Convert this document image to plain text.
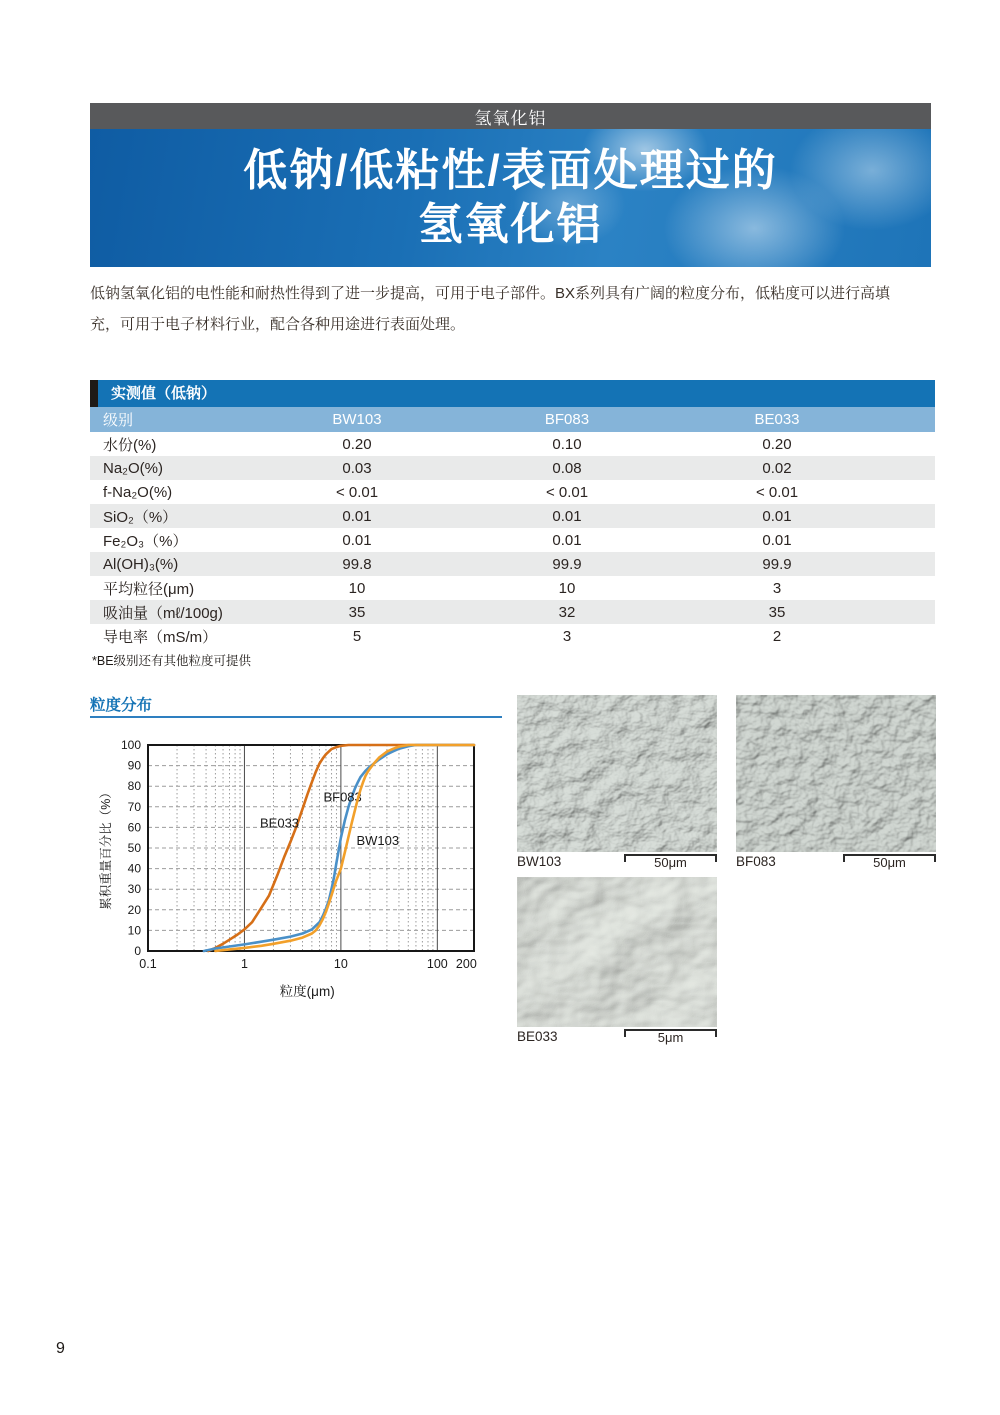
氢氧化铝
低钠/低粘性/表面处理过的
氢氧化铝
低钠氢氧化铝的电性能和耐热性得到了进一步提高，可用于电子部件。BX系列具有广阔的粒度分布，低粘度可以进行高填充，可用于电子材料行业，配合各种用途进行表面处理。
实测值（低钠）
级别	BW103	BF083	BE033	
水份(%)	0.20	0.10	0.20	
Na₂O(%)	0.03	0.08	0.02	
f-Na₂O(%)	< 0.01	< 0.01	< 0.01	
SiO₂（%）	0.01	0.01	0.01	
Fe₂O₃（%）	0.01	0.01	0.01	
Al(OH)₃(%)	99.8	99.9	99.9	
平均粒径(μm)	10	10	3	
吸油量（mℓ/100g)	35	32	35	
导电率（mS/m）	5	3	2	
*BE级别还有其他粒度可提供
粒度分布
0
10
20
30
40
50
60
70
80
90
100
0.1	1	10	100 200
粒度(μm)
累积重量百分比（%）	BE033
BF083
BW103
BW103	50μm	BF083	50μm
BE033	5μm
9
